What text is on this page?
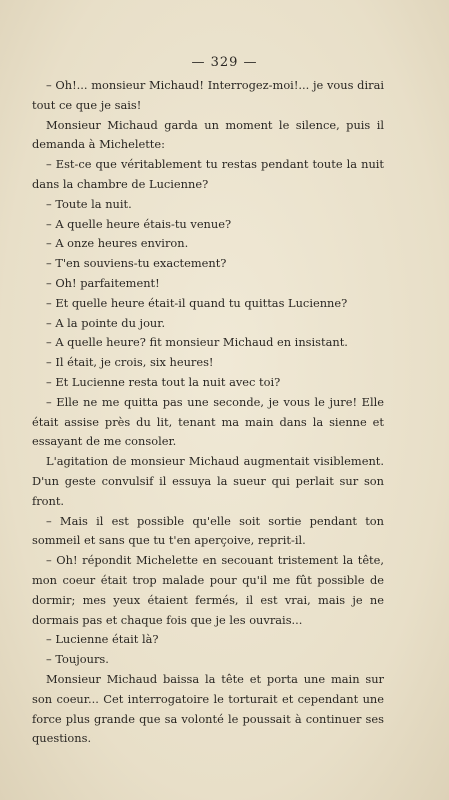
— 329 —

– Oh!... monsieur Michaud! Interrogez-moi!... je vous dirai tout ce que je sais!

Monsieur Michaud garda un moment le silence, puis il demanda à Michelette:

– Est-ce que véritablement tu restas pendant toute la nuit dans la chambre de Lucienne?

– Toute la nuit.

– A quelle heure étais-tu venue?

– A onze heures environ.

– T'en souviens-tu exactement?

– Oh! parfaitement!

– Et quelle heure était-il quand tu quittas Lucienne?

– A la pointe du jour.

– A quelle heure? fit monsieur Michaud en insistant.

– Il était, je crois, six heures!

– Et Lucienne resta tout la nuit avec toi?

– Elle ne me quitta pas une seconde, je vous le jure! Elle était assise près du lit, tenant ma main dans la sienne et essayant de me consoler.

L'agitation de monsieur Michaud augmentait visiblement. D'un geste convulsif il essuya la sueur qui perlait sur son front.

– Mais il est possible qu'elle soit sortie pendant ton sommeil et sans que tu t'en aperçoive, reprit-il.

– Oh! répondit Michelette en secouant tristement la tête, mon coeur était trop malade pour qu'il me fût possible de dormir; mes yeux étaient fermés, il est vrai, mais je ne dormais pas et chaque fois que je les ouvrais...

– Lucienne était là?

– Toujours.

Monsieur Michaud baissa la tête et porta une main sur son coeur... Cet interrogatoire le torturait et cependant une force plus grande que sa volonté le poussait à continuer ses questions.
